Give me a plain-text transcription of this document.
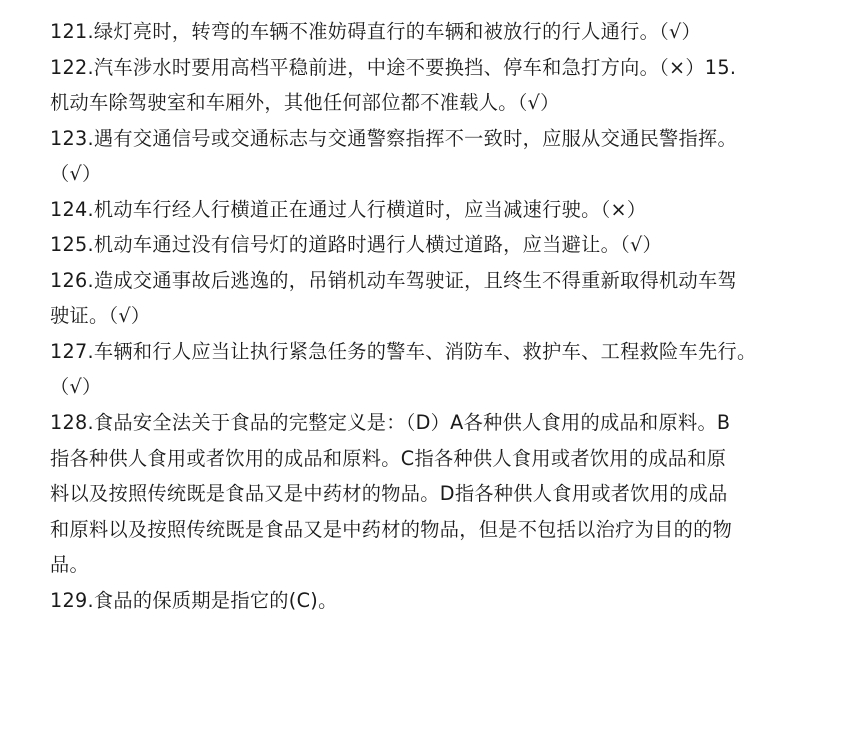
121.绿灯亮时，转弯的车辆不准妨碍直行的车辆和被放行的行人通行。（√）
122.汽车涉水时要用高档平稳前进，中途不要换挡、停车和急打方向。（×）15.
机动车除驾驶室和车厢外，其他任何部位都不准载人。（√）
123.遇有交通信号或交通标志与交通警察指挥不一致时，应服从交通民警指挥。
（√）
124.机动车行经人行横道正在通过人行横道时，应当减速行驶。（×）
125.机动车通过没有信号灯的道路时遇行人横过道路，应当避让。（√）
126.造成交通事故后逃逸的，吊销机动车驾驶证，且终生不得重新取得机动车驾
驶证。（√）
127.车辆和行人应当让执行紧急任务的警车、消防车、救护车、工程救险车先行。
（√）
128.食品安全法关于食品的完整定义是：（D）A各种供人食用的成品和原料。B
指各种供人食用或者饮用的成品和原料。C指各种供人食用或者饮用的成品和原
料以及按照传统既是食品又是中药材的物品。D指各种供人食用或者饮用的成品
和原料以及按照传统既是食品又是中药材的物品，但是不包括以治疗为目的的物
品。
129.食品的保质期是指它的(C)。
